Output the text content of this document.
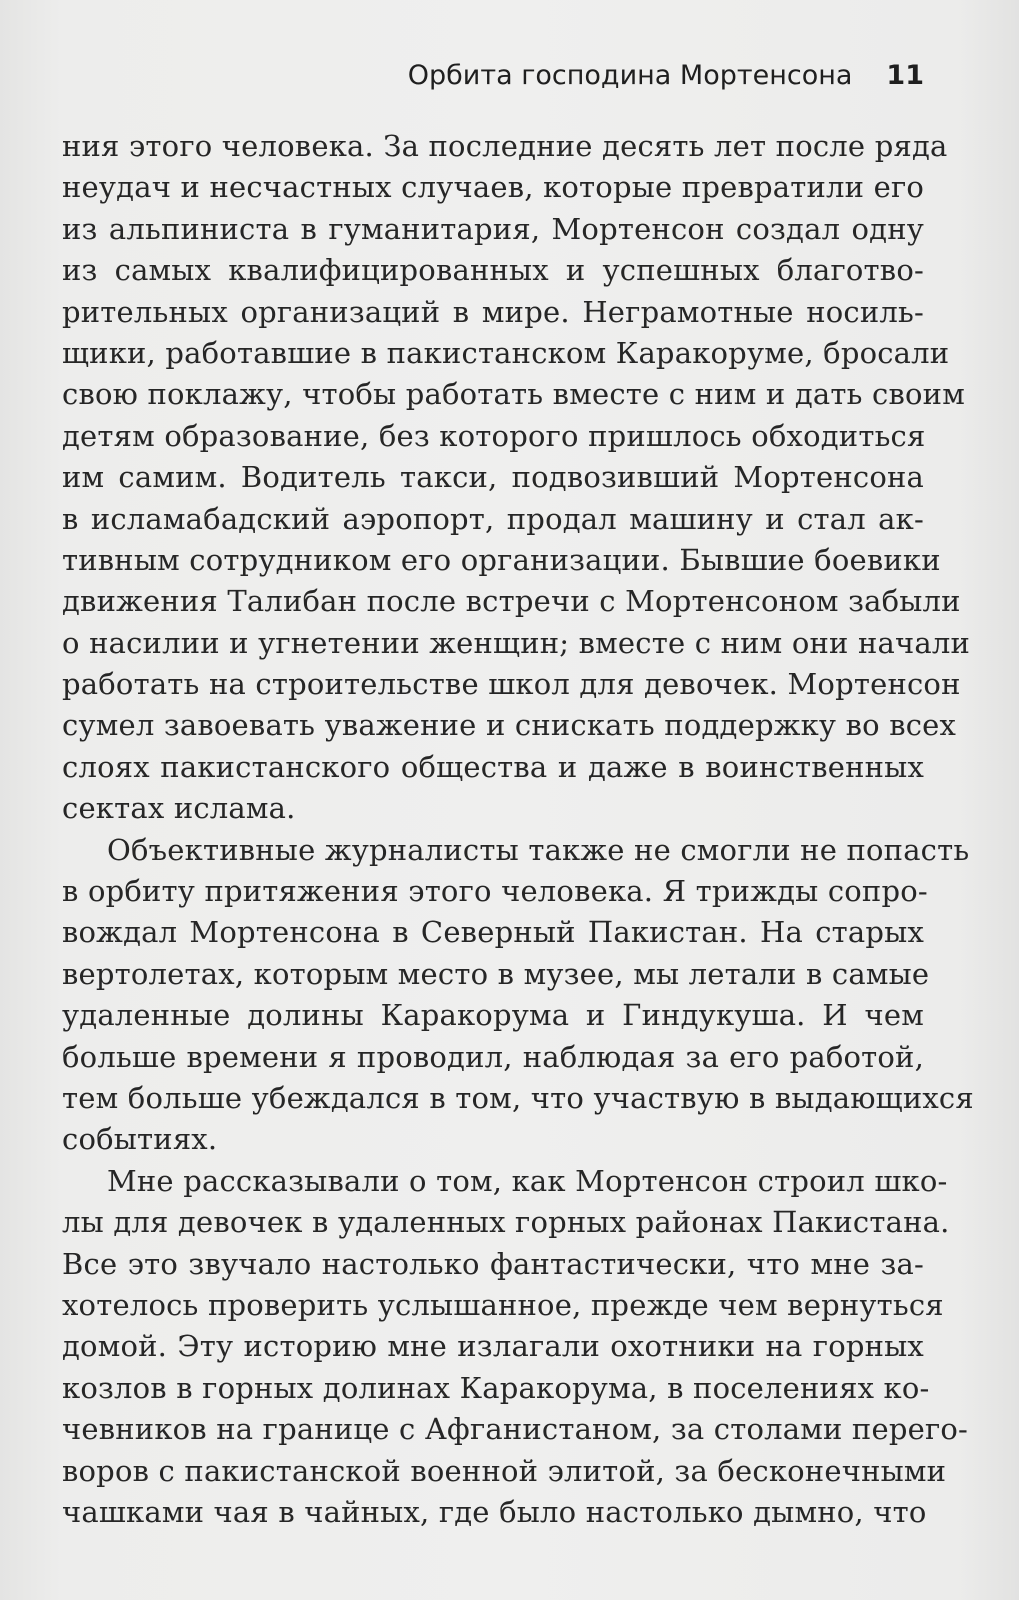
Орбита господина Мортенсона 11
ния этого человека. За последние десять лет после ряда
неудач и несчастных случаев, которые превратили его
из альпиниста в гуманитария, Мортенсон создал одну
из самых квалифицированных и успешных благотво-
рительных организаций в мире. Неграмотные носиль-
щики, работавшие в пакистанском Каракоруме, бросали
свою поклажу, чтобы работать вместе с ним и дать своим
детям образование, без которого пришлось обходиться
им самим. Водитель такси, подвозивший Мортенсона
в исламабадский аэропорт, продал машину и стал ак-
тивным сотрудником его организации. Бывшие боевики
движения Талибан после встречи с Мортенсоном забыли
о насилии и угнетении женщин; вместе с ним они начали
работать на строительстве школ для девочек. Мортенсон
сумел завоевать уважение и снискать поддержку во всех
слоях пакистанского общества и даже в воинственных
сектах ислама.
Объективные журналисты также не смогли не попасть
в орбиту притяжения этого человека. Я трижды сопро-
вождал Мортенсона в Северный Пакистан. На старых
вертолетах, которым место в музее, мы летали в самые
удаленные долины Каракорума и Гиндукуша. И чем
больше времени я проводил, наблюдая за его работой,
тем больше убеждался в том, что участвую в выдающихся
событиях.
Мне рассказывали о том, как Мортенсон строил шко-
лы для девочек в удаленных горных районах Пакистана.
Все это звучало настолько фантастически, что мне за-
хотелось проверить услышанное, прежде чем вернуться
домой. Эту историю мне излагали охотники на горных
козлов в горных долинах Каракорума, в поселениях ко-
чевников на границе с Афганистаном, за столами перего-
воров с пакистанской военной элитой, за бесконечными
чашками чая в чайных, где было настолько дымно, что
